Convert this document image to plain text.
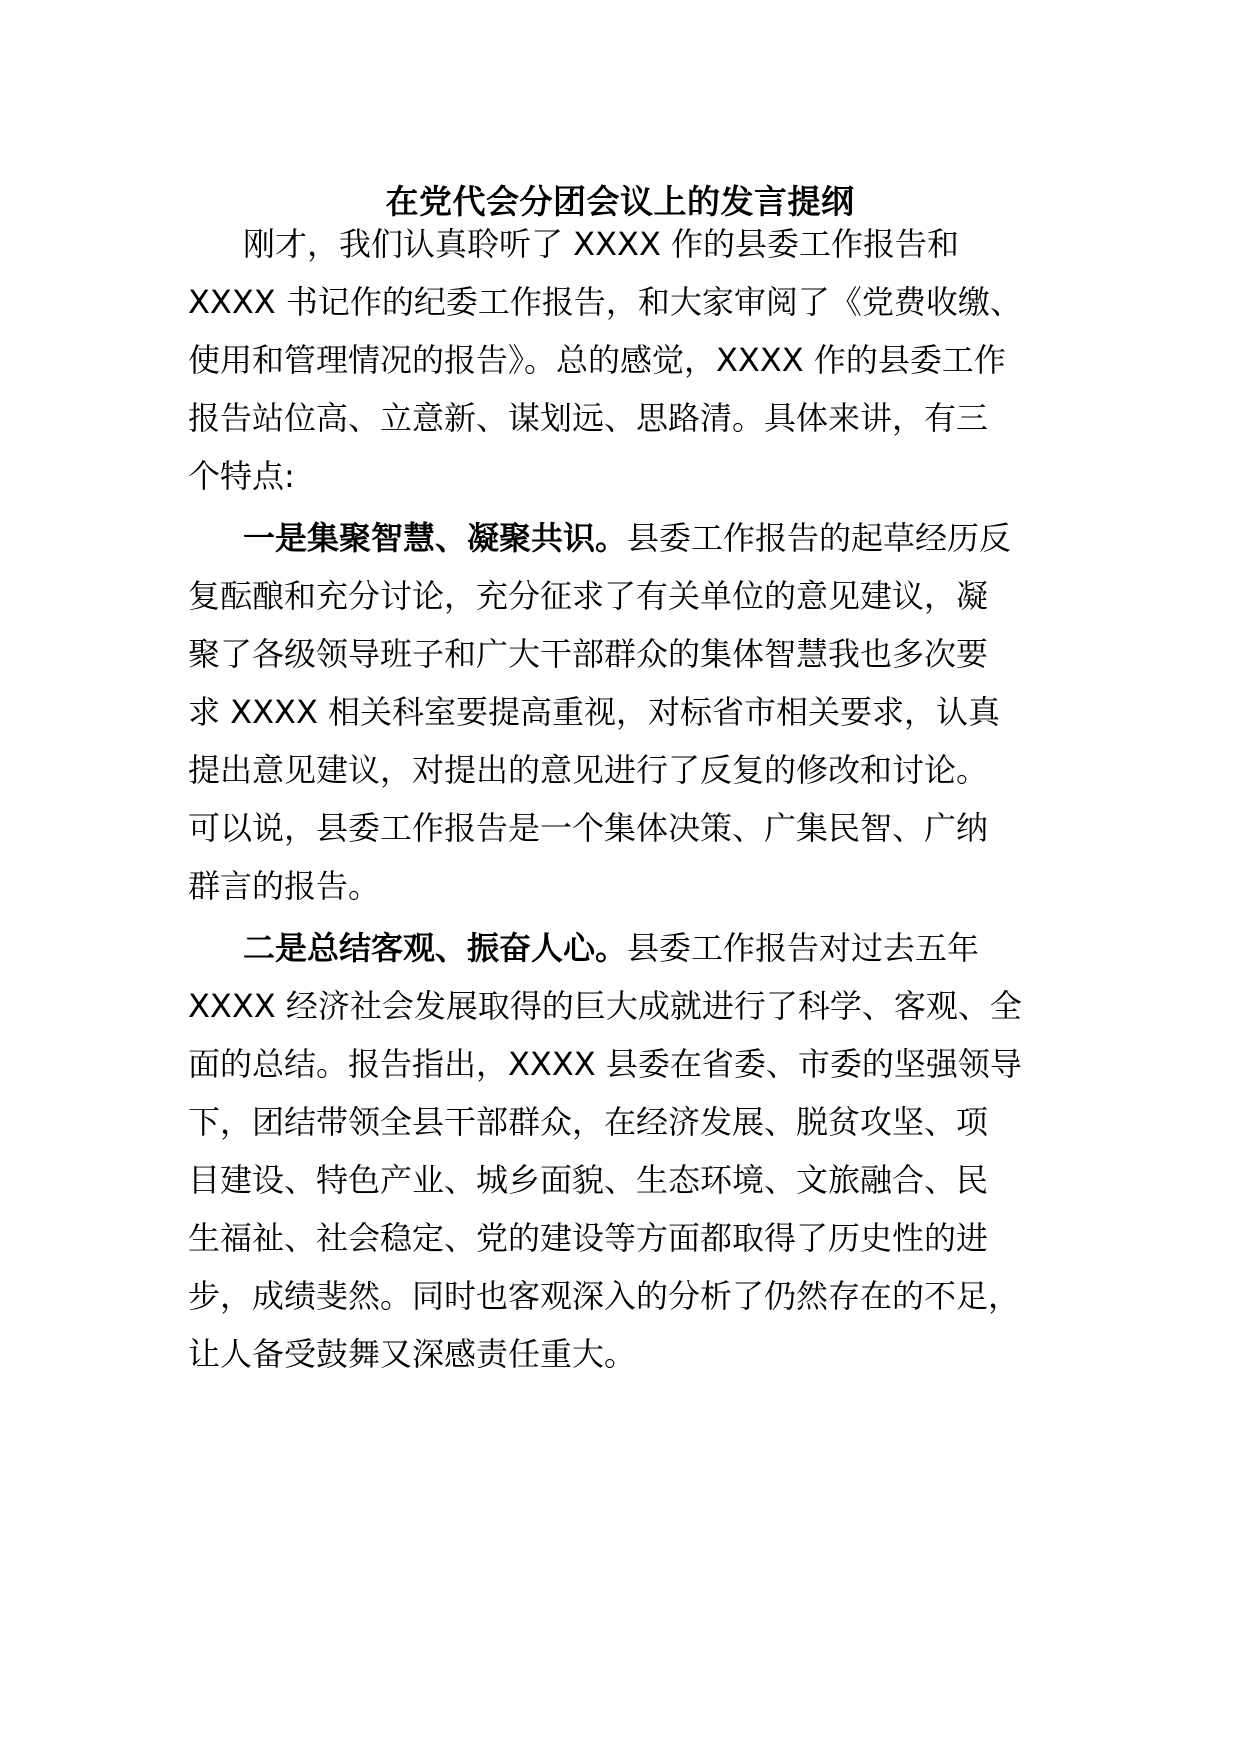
在党代会分团会议上的发言提纲
刚才，我们认真聆听了 XXXX 作的县委工作报告和
XXXX 书记作的纪委工作报告，和大家审阅了《党费收缴、
使用和管理情况的报告》。总的感觉，XXXX 作的县委工作
报告站位高、立意新、谋划远、思路清。具体来讲，有三
个特点:
一是集聚智慧、凝聚共识。县委工作报告的起草经历反
复酝酿和充分讨论，充分征求了有关单位的意见建议，凝
聚了各级领导班子和广大干部群众的集体智慧我也多次要
求 XXXX 相关科室要提高重视，对标省市相关要求，认真
提出意见建议，对提出的意见进行了反复的修改和讨论。
可以说，县委工作报告是一个集体决策、广集民智、广纳
群言的报告。
二是总结客观、振奋人心。县委工作报告对过去五年
XXXX 经济社会发展取得的巨大成就进行了科学、客观、全
面的总结。报告指出，XXXX 县委在省委、市委的坚强领导
下，团结带领全县干部群众，在经济发展、脱贫攻坚、项
目建设、特色产业、城乡面貌、生态环境、文旅融合、民
生福祉、社会稳定、党的建设等方面都取得了历史性的进
步，成绩斐然。同时也客观深入的分析了仍然存在的不足，
让人备受鼓舞又深感责任重大。
